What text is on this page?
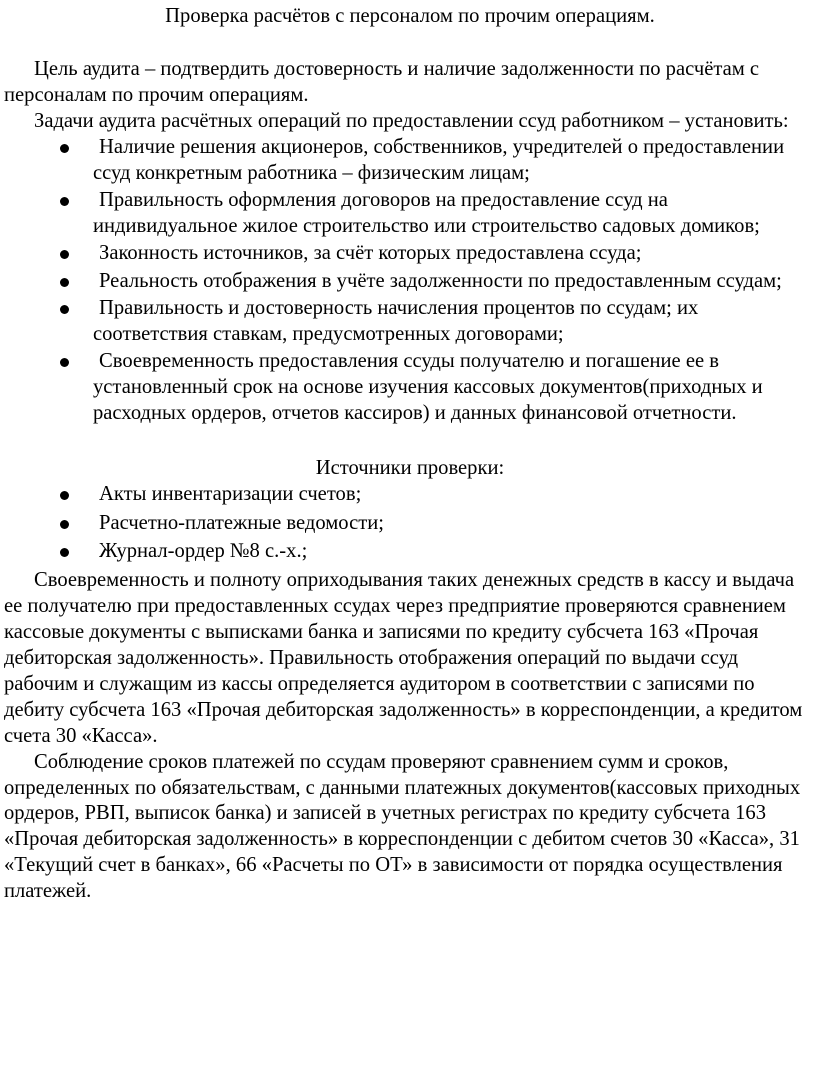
Проверка расчётов с персоналом по прочим операциям.

Цель аудита – подтвердить достоверность и наличие задолженности по расчётам с персоналам по прочим операциям.

Задачи аудита расчётных операций по предоставлении ссуд работником – установить:

Наличие решения акционеров, собственников, учредителей о предоставлении ссуд конкретным работника – физическим лицам;
Правильность оформления договоров на предоставление ссуд на индивидуальное жилое строительство или строительство садовых домиков;
Законность источников, за счёт которых предоставлена ссуда;
Реальность отображения в учёте задолженности по предоставленным ссудам;
Правильность и достоверность начисления процентов по ссудам; их соответствия ставкам, предусмотренных договорами;
Своевременность предоставления ссуды получателю и погашение ее в установленный срок на основе изучения кассовых документов(приходных и расходных ордеров, отчетов кассиров) и данных финансовой отчетности.

Источники проверки:

Акты инвентаризации счетов;
Расчетно-платежные ведомости;
Журнал-ордер №8 с.-х.;

Своевременность и полноту оприходывания таких денежных средств в кассу и выдача ее получателю при предоставленных ссудах через предприятие проверяются сравнением кассовые документы с выписками банка и записями по кредиту субсчета 163 «Прочая дебиторская задолженность». Правильность отображения операций по выдачи ссуд рабочим и служащим из кассы определяется аудитором в соответствии с записями по дебиту субсчета 163 «Прочая дебиторская задолженность» в корреспонденции, а кредитом счета 30 «Касса».

Соблюдение сроков платежей по ссудам проверяют сравнением сумм и сроков, определенных по обязательствам, с данными платежных документов(кассовых приходных ордеров, РВП, выписок банка) и записей в учетных регистрах по кредиту субсчета 163 «Прочая дебиторская задолженность» в корреспонденции с дебитом счетов 30 «Касса», 31 «Текущий счет в банках», 66 «Расчеты по ОТ» в зависимости от порядка осуществления платежей.
